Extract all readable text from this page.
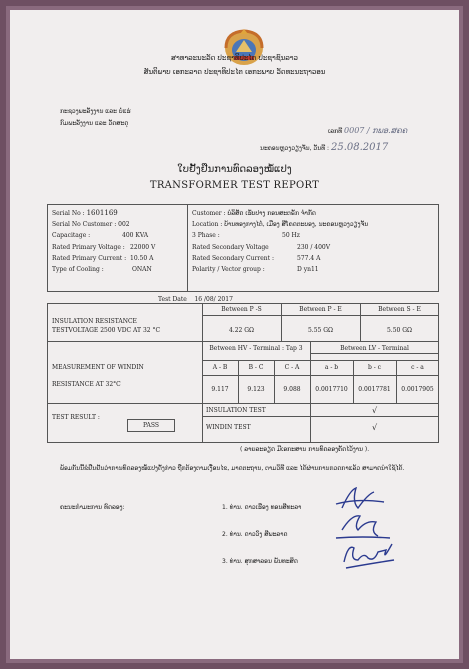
ສາທາລະນະລັດ ປະຊາທິປະໄຕ ປະຊາຊົນລາວ
ສັນຕິພາບ ເອກະລາດ ປະຊາທິປະໄຕ ເອກະພາບ ວັດທະນະຖາວອນ
ກະຊວງພະລັງງານ ແລະ ບໍ່ແຮ່
ກົມພະລັງງານ ແລະ ວັດສະດຸ
ເລກທີ 0007 / ກພອ.ສຄຄ
ນະຄອນຫຼວງວຽງຈັນ, ວັນທີ : 25.08.2017
ໃບຢັ້ງຢືນການທົດລອງໝໍ້ແປງ
TRANSFORMER TEST REPORT
Serial No : 1601169
Serial No Customer : 002
Capacitage :	400 KVA
Rated Primary Voltage : 22000 V
Rated Primary Current : 10.50 A
Type of Cooling :	ONAN
Customer : ບໍລິສັດ ເຮັບປາງ ກອນສະຕຣັກ ຈຳກັດ
Location : ບ້ານທອງກາງໄຕ໋, ເມືອງ ສີໂຄດຕະບອງ, ນະຄອນຫຼວງວຽງຈັນ
3 Phase :	50 Hz
Rated Secondary Voltage	230 / 400V
Rated Secondary Current :	577.4 A
Polarity / Vector group :	D yn11
Test Date 16 /08/ 2017
INSULATION RESISTANCE
TESTVOLTAGE 2500 VDC AT 32 °C
Between P -S	Between P - E	Between S - E
4.22 GΩ	5.55 GΩ	5.50 GΩ
MEASUREMENT OF WINDIN
RESISTANCE AT 32°C
Between HV - Terminal : Tap 3	Between LV - Terminal
A - B	B - C	C - A	a - b	b - c	c - a
9.117	9.123	9.088	0.0017710	0.0017781	0.0017905
TEST RESULT :
PASS
INSULATION TEST	√
WINDIN TEST	√
( ລາຍລະອຽດ ມີເອກະສານ ການທົດລອງຄັດໄວ້ງານ ).
ພ້ອມກັນນີ້ຂໍຢືນຢັນວ່າການທົດລອງໝໍ້ແປງດັ່ງກ່າວ ຖືກຕ້ອງຕາມເງື່ອນໄຂ, ມາດຕະຖານ, ຕາມວິທີ ແລະ ໄດ້ຜ່ານການກວດກາແລ້ວ ສາມາດນຳໃຊ້ໄດ້.
ຄະນະກຳມະການ ທົດລອງ:	1. ທ່ານ. ດາວເຮືອງ ທອນສີທະລາ
2. ທ່ານ. ດາວວົງ ສີພະລາດ
3. ທ່ານ. ສຸກສາລອນ ພັນທະສິດ
